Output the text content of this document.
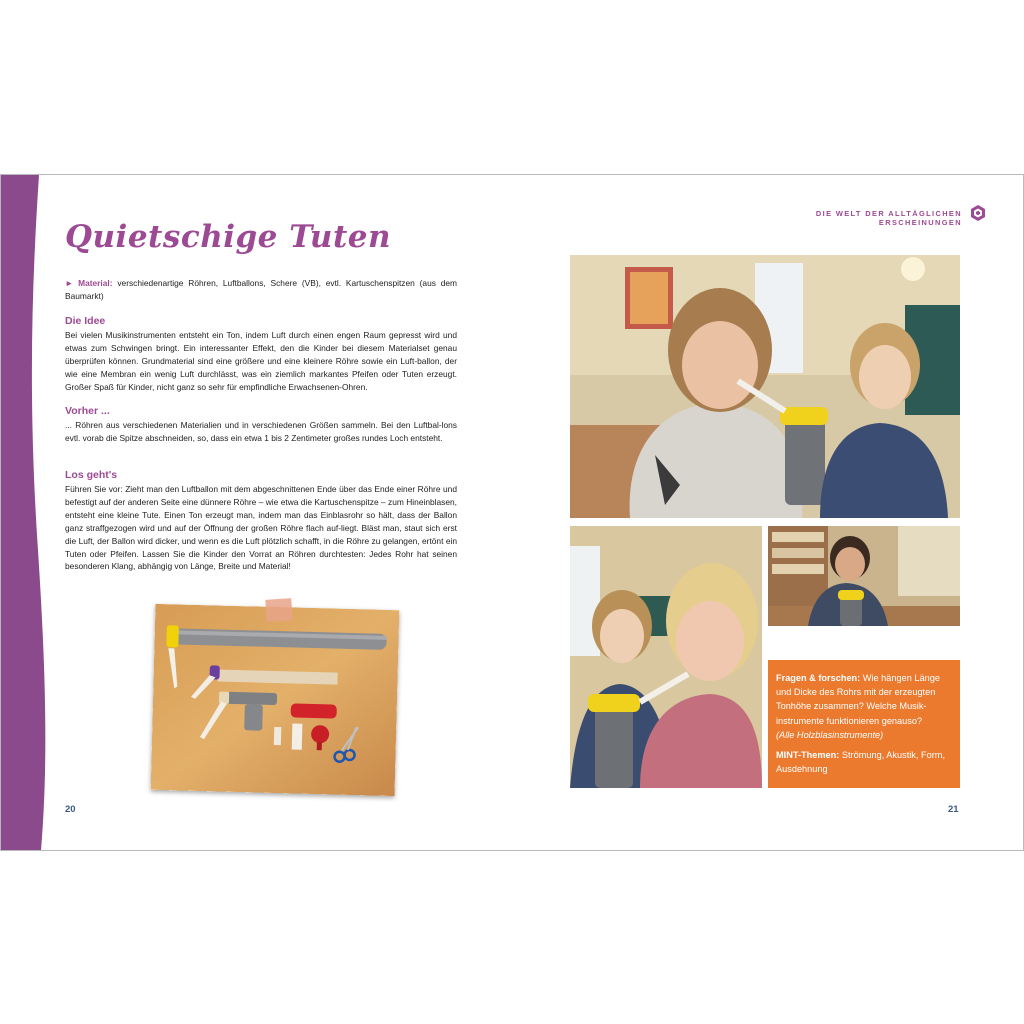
Quietschige Tuten
► Material: verschiedenartige Röhren, Luftballons, Schere (VB), evtl. Kartuschenspitzen (aus dem Baumarkt)
Die Idee
Bei vielen Musikinstrumenten entsteht ein Ton, indem Luft durch einen engen Raum gepresst wird und etwas zum Schwingen bringt. Ein interessanter Effekt, den die Kinder bei diesem Materialset genau überprüfen können. Grundmaterial sind eine größere und eine kleinere Röhre sowie ein Luft-ballon, der wie eine Membran ein wenig Luft durchlässt, was ein ziemlich markantes Pfeifen oder Tuten erzeugt. Großer Spaß für Kinder, nicht ganz so sehr für empfindliche Erwachsenen-Ohren.
Vorher ...
... Röhren aus verschiedenen Materialien und in verschiedenen Größen sammeln. Bei den Luftbal-lons evtl. vorab die Spitze abschneiden, so, dass ein etwa 1 bis 2 Zentimeter großes rundes Loch entsteht.
Los geht's
Führen Sie vor: Zieht man den Luftballon mit dem abgeschnittenen Ende über das Ende einer Röhre und befestigt auf der anderen Seite eine dünnere Röhre – wie etwa die Kartuschenspitze – zum Hineinblasen, entsteht eine kleine Tute. Einen Ton erzeugt man, indem man das Einblasrohr so hält, dass der Ballon ganz straffgezogen wird und auf der Öffnung der großen Röhre flach auf-liegt. Bläst man, staut sich erst die Luft, der Ballon wird dicker, und wenn es die Luft plötzlich schafft, in die Röhre zu gelangen, ertönt ein Tuten oder Pfeifen. Lassen Sie die Kinder den Vorrat an Röhren durchtesten: Jedes Rohr hat seinen besonderen Klang, abhängig von Länge, Breite und Material!
20
DIE WELT DER ALLTÄGLICHEN ERSCHEINUNGEN
Fragen & forschen: Wie hängen Länge und Dicke des Rohrs mit der erzeugten Tonhöhe zusammen? Welche Musik-instrumente funktionieren genauso?
(Alle Holzblasinstrumente)
MINT-Themen: Strömung, Akustik, Form, Ausdehnung
21
